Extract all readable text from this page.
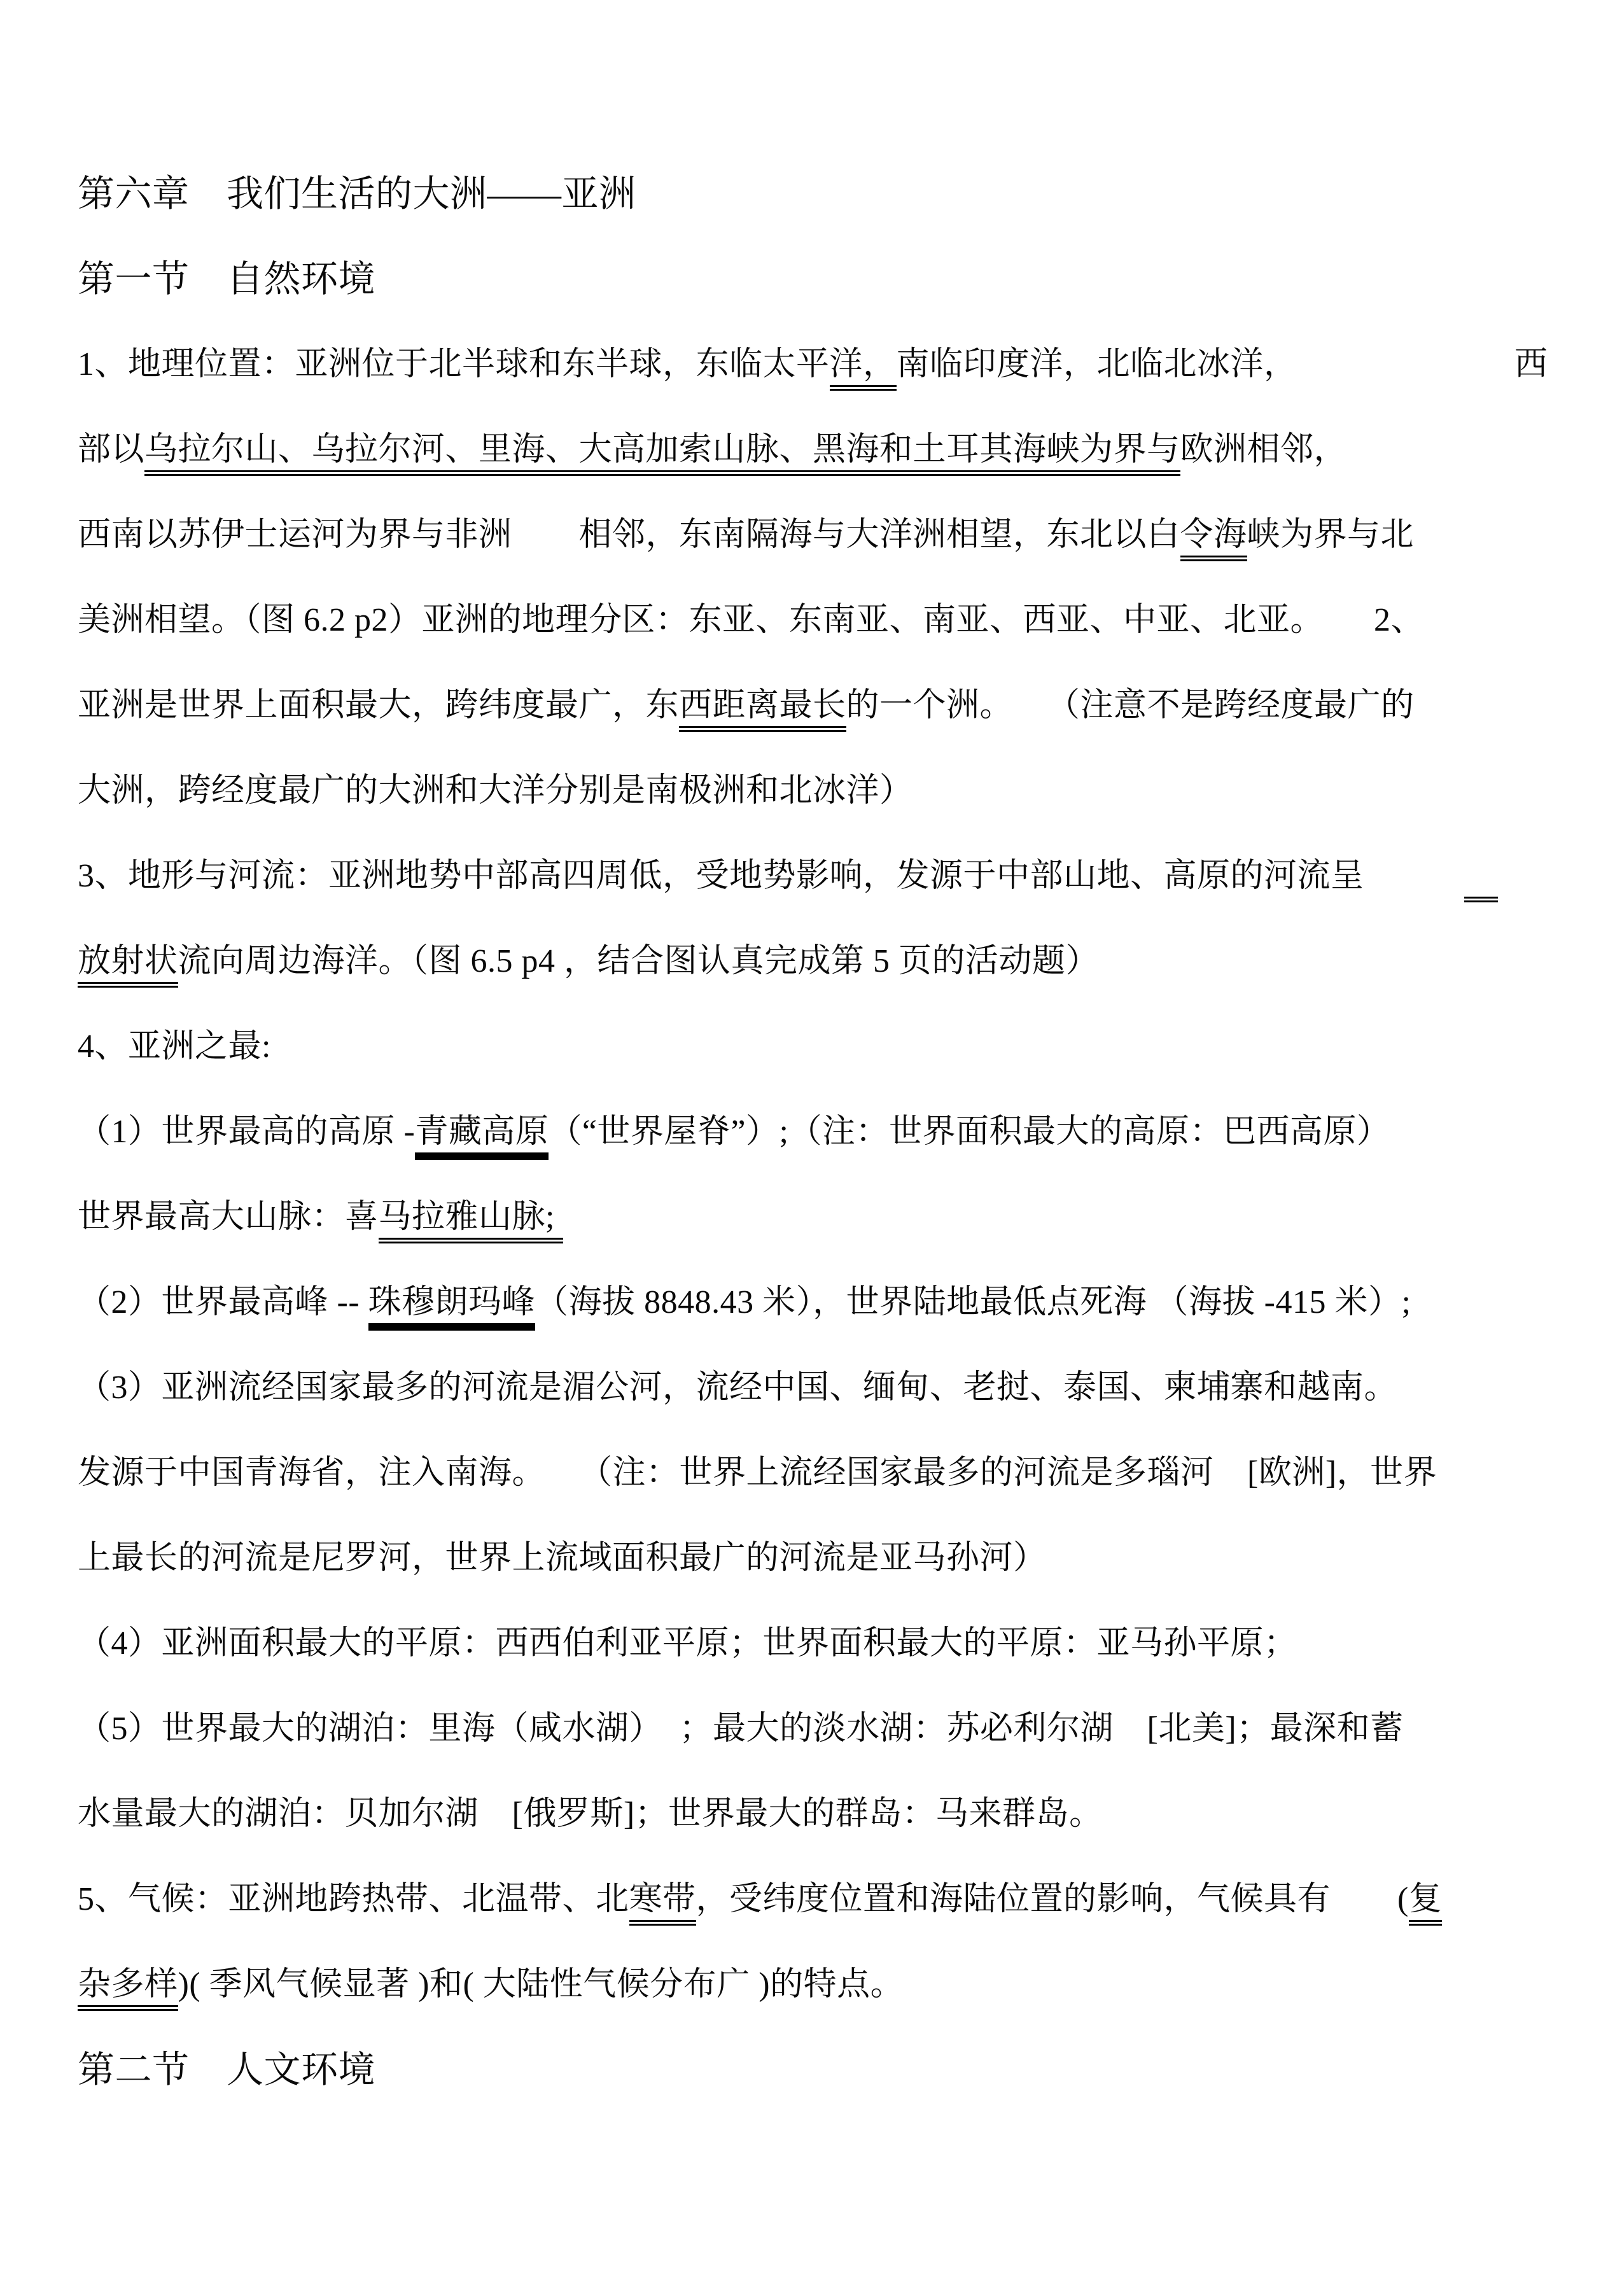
第六章　我们生活的大洲——亚洲
第一节　自然环境
1、地理位置：亚洲位于北半球和东半球，东临太平洋，南临印度洋，北临北冰洋，　　　　　　　西
部以乌拉尔山、乌拉尔河、里海、大高加索山脉、黑海和土耳其海峡为界与欧洲相邻，
西南以苏伊士运河为界与非洲　　相邻，东南隔海与大洋洲相望，东北以白令海峡为界与北
美洲相望。（图 6.2 p2）亚洲的地理分区：东亚、东南亚、南亚、西亚、中亚、北亚。　　2、
亚洲是世界上面积最大，跨纬度最广，东西距离最长的一个洲。　　（注意不是跨经度最广的
大洲，跨经度最广的大洲和大洋分别是南极洲和北冰洋）
3、地形与河流：亚洲地势中部高四周低，受地势影响，发源于中部山地、高原的河流呈　　　　
放射状流向周边海洋。（图 6.5 p4 ，结合图认真完成第 5 页的活动题）
4、亚洲之最:
（1）世界最高的高原 -青藏高原（“世界屋脊”）;（注：世界面积最大的高原：巴西高原）
世界最高大山脉：喜马拉雅山脉;
（2）世界最高峰 -- 珠穆朗玛峰（海拔 8848.43 米），世界陆地最低点死海 （海拔 -415 米）;
（3）亚洲流经国家最多的河流是湄公河，流经中国、缅甸、老挝、泰国、柬埔寨和越南。
发源于中国青海省，注入南海。　　（注：世界上流经国家最多的河流是多瑙河　[欧洲]，世界
上最长的河流是尼罗河，世界上流域面积最广的河流是亚马孙河）
（4）亚洲面积最大的平原：西西伯利亚平原；世界面积最大的平原：亚马孙平原；
（5）世界最大的湖泊：里海（咸水湖）　；最大的淡水湖：苏必利尔湖　[北美]；最深和蓄
水量最大的湖泊：贝加尔湖　[俄罗斯]；世界最大的群岛：马来群岛。
5、气候：亚洲地跨热带、北温带、北寒带，受纬度位置和海陆位置的影响，气候具有　　(复
杂多样)( 季风气候显著 )和( 大陆性气候分布广 )的特点。
第二节　人文环境
